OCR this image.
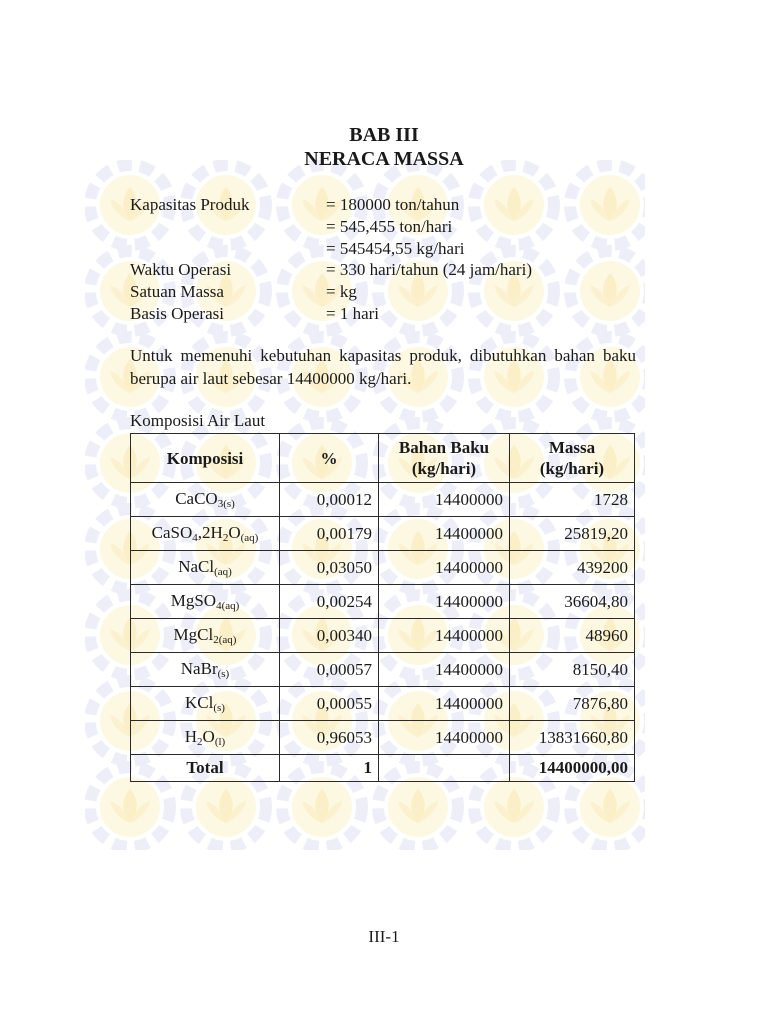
BAB III
NERACA MASSA
Kapasitas Produk	= 180000 ton/tahun
= 545,455 ton/hari
= 545454,55 kg/hari
Waktu Operasi	= 330 hari/tahun (24 jam/hari)
Satuan Massa	= kg
Basis Operasi	= 1 hari
Untuk memenuhi kebutuhan kapasitas produk, dibutuhkan bahan baku berupa air laut sebesar 14400000 kg/hari.
Komposisi Air Laut
Komposisi	%	Bahan Baku (kg/hari)	Massa (kg/hari)
CaCO$_{3(s)}$	0,00012	14400000	1728
$CaSO_4,2H_2O_{(aq)}$	0,00179	14400000	25819,20
NaCl$_{(aq)}$	0,03050	14400000	439200
MgSO$_{4(aq)}$	0,00254	14400000	36604,80
MgCl$_{2(aq)}$	0,00340	14400000	48960
NaBr$_{(s)}$	0,00057	14400000	8150,40
KCl$_{(s)}$	0,00055	14400000	7876,80
$H_2O_{(l)}$	0,96053	14400000	13831660,80
Total	1		14400000,00
III-1
